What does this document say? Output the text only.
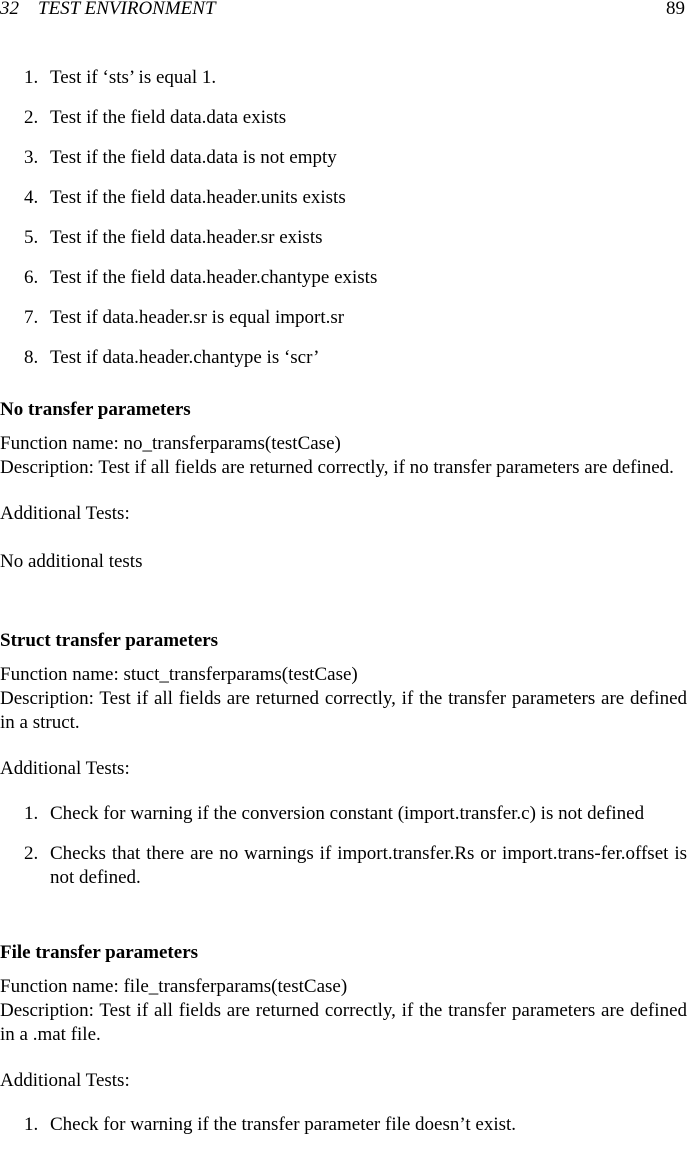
32 TEST ENVIRONMENT	89
1. Test if ‘sts’ is equal 1.
2. Test if the field data.data exists
3. Test if the field data.data is not empty
4. Test if the field data.header.units exists
5. Test if the field data.header.sr exists
6. Test if the field data.header.chantype exists
7. Test if data.header.sr is equal import.sr
8. Test if data.header.chantype is ‘scr’
No transfer parameters
Function name: no_transferparams(testCase)
Description: Test if all fields are returned correctly, if no transfer parameters are defined.
Additional Tests:
No additional tests
Struct transfer parameters
Function name: stuct_transferparams(testCase)
Description: Test if all fields are returned correctly, if the transfer parameters are defined in a struct.
Additional Tests:
1. Check for warning if the conversion constant (import.transfer.c) is not defined
2. Checks that there are no warnings if import.transfer.Rs or import.trans-fer.offset is not defined.
File transfer parameters
Function name: file_transferparams(testCase)
Description: Test if all fields are returned correctly, if the transfer parameters are defined in a .mat file.
Additional Tests:
1. Check for warning if the transfer parameter file doesn’t exist.
